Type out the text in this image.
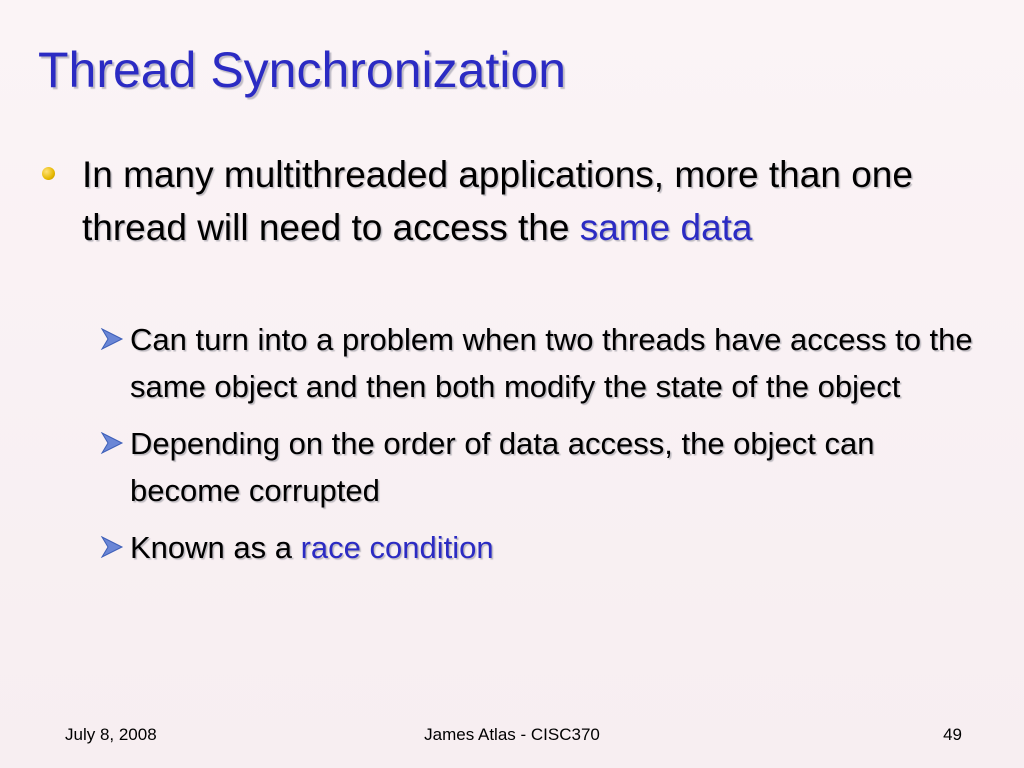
Thread Synchronization

In many multithreaded applications, more than one thread will need to access the same data

Can turn into a problem when two threads have access to the same object and then both modify the state of the object
Depending on the order of data access, the object can become corrupted
Known as a race condition
July 8, 2008	James Atlas - CISC370	49
